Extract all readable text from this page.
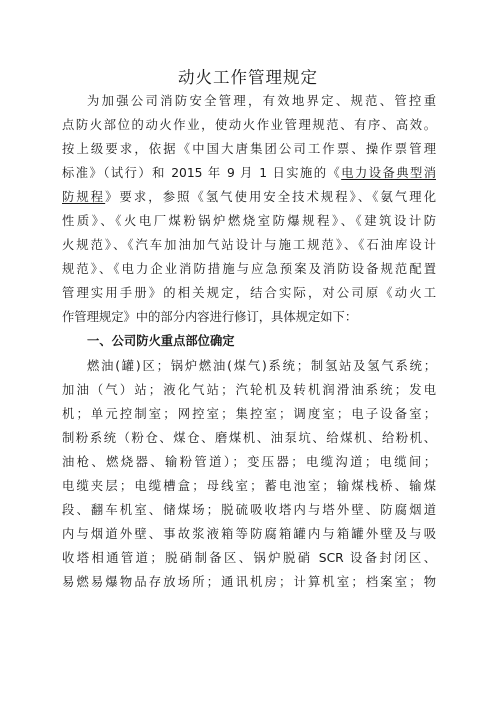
动火工作管理规定
为加强公司消防安全管理，有效地界定、规范、管控重
点防火部位的动火作业，使动火作业管理规范、有序、高效。
按上级要求，依据《中国大唐集团公司工作票、操作票管理
标准》（试行）和 2015 年 9 月 1 日实施的《电力设备典型消
防规程》要求，参照《氢气使用安全技术规程》、《氨气理化
性质》、《火电厂煤粉锅炉燃烧室防爆规程》、《建筑设计防
火规范》、《汽车加油加气站设计与施工规范》、《石油库设计
规范》、《电力企业消防措施与应急预案及消防设备规范配置
管理实用手册》的相关规定，结合实际，对公司原《动火工
作管理规定》中的部分内容进行修订，具体规定如下：
一、公司防火重点部位确定
燃油(罐)区；锅炉燃油(煤气)系统；制氢站及氢气系统；
加油（气）站；液化气站；汽轮机及转机润滑油系统；发电
机；单元控制室；网控室；集控室；调度室；电子设备室；
制粉系统（粉仓、煤仓、磨煤机、油泵坑、给煤机、给粉机、
油枪、燃烧器、输粉管道）；变压器；电缆沟道；电缆间；
电缆夹层；电缆槽盒；母线室；蓄电池室；输煤栈桥、输煤
段、翻车机室、储煤场；脱硫吸收塔内与塔外壁、防腐烟道
内与烟道外壁、事故浆液箱等防腐箱罐内与箱罐外壁及与吸
收塔相通管道；脱硝制备区、锅炉脱硝 SCR 设备封闭区、
易燃易爆物品存放场所；通讯机房；计算机室；档案室；物
